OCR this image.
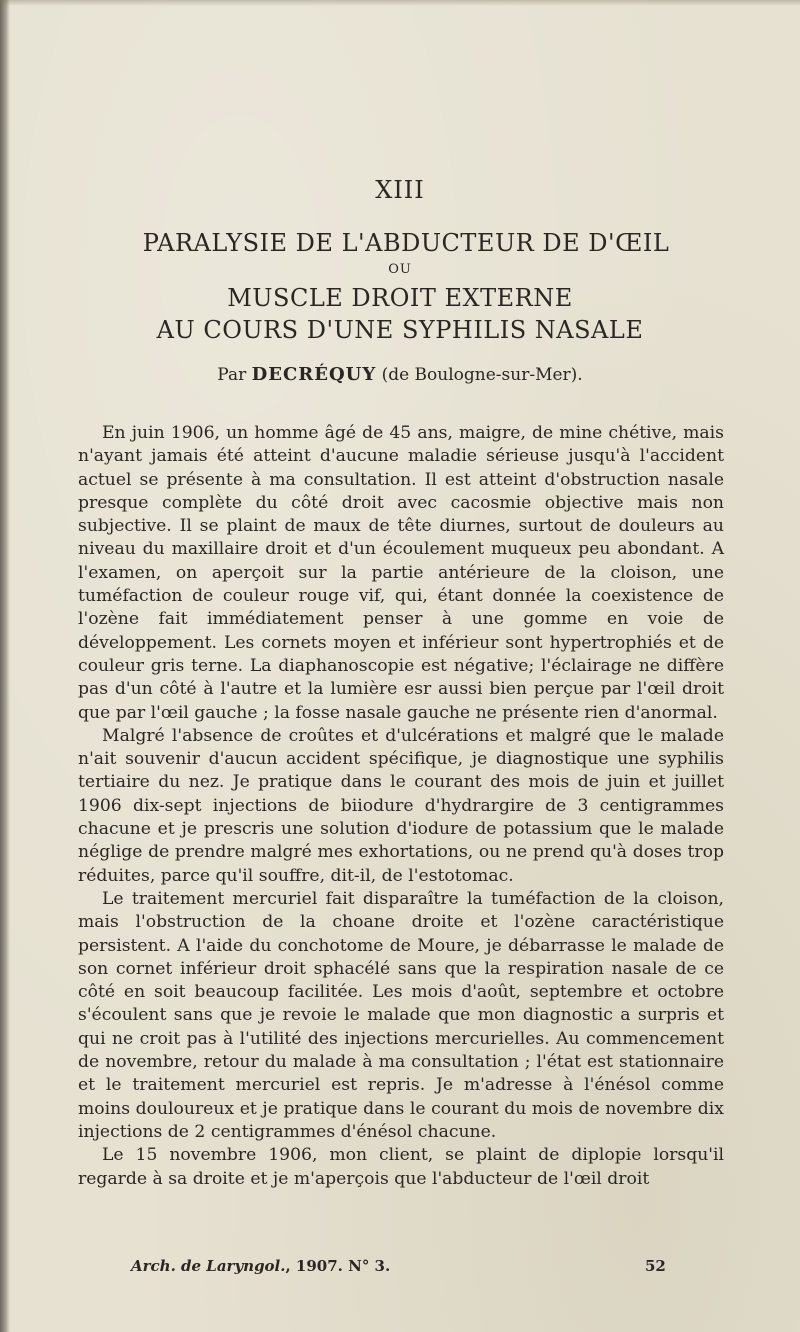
XIII
PARALYSIE DE L'ABDUCTEUR DE D'ŒIL
OU
MUSCLE DROIT EXTERNE
AU COURS D'UNE SYPHILIS NASALE
Par DECRÉQUY (de Boulogne-sur-Mer).

En juin 1906, un homme âgé de 45 ans, maigre, de mine chétive, mais n'ayant jamais été atteint d'aucune maladie sérieuse jusqu'à l'accident actuel se présente à ma consultation. Il est atteint d'obstruction nasale presque complète du côté droit avec cacosmie objective mais non subjective. Il se plaint de maux de tête diurnes, surtout de douleurs au niveau du maxillaire droit et d'un écoulement muqueux peu abondant. A l'examen, on aperçoit sur la partie antérieure de la cloison, une tuméfaction de couleur rouge vif, qui, étant donnée la coexistence de l'ozène fait immédiatement penser à une gomme en voie de développement. Les cornets moyen et inférieur sont hypertrophiés et de couleur gris terne. La diaphanoscopie est négative; l'éclairage ne diffère pas d'un côté à l'autre et la lumière esr aussi bien perçue par l'œil droit que par l'œil gauche ; la fosse nasale gauche ne présente rien d'anormal.

Malgré l'absence de croûtes et d'ulcérations et malgré que le malade n'ait souvenir d'aucun accident spécifique, je diagnostique une syphilis tertiaire du nez. Je pratique dans le courant des mois de juin et juillet 1906 dix-sept injections de biiodure d'hydrargire de 3 centigrammes chacune et je prescris une solution d'iodure de potassium que le malade néglige de prendre malgré mes exhortations, ou ne prend qu'à doses trop réduites, parce qu'il souffre, dit-il, de l'estotomac.

Le traitement mercuriel fait disparaître la tuméfaction de la cloison, mais l'obstruction de la choane droite et l'ozène caractéristique persistent. A l'aide du conchotome de Moure, je débarrasse le malade de son cornet inférieur droit sphacélé sans que la respiration nasale de ce côté en soit beaucoup facilitée. Les mois d'août, septembre et octobre s'écoulent sans que je revoie le malade que mon diagnostic a surpris et qui ne croit pas à l'utilité des injections mercurielles. Au commencement de novembre, retour du malade à ma consultation ; l'état est stationnaire et le traitement mercuriel est repris. Je m'adresse à l'énésol comme moins douloureux et je pratique dans le courant du mois de novembre dix injections de 2 centigrammes d'énésol chacune.

Le 15 novembre 1906, mon client, se plaint de diplopie lorsqu'il regarde à sa droite et je m'aperçois que l'abducteur de l'œil droit

Arch. de Laryngol., 1907. N° 3.	52
